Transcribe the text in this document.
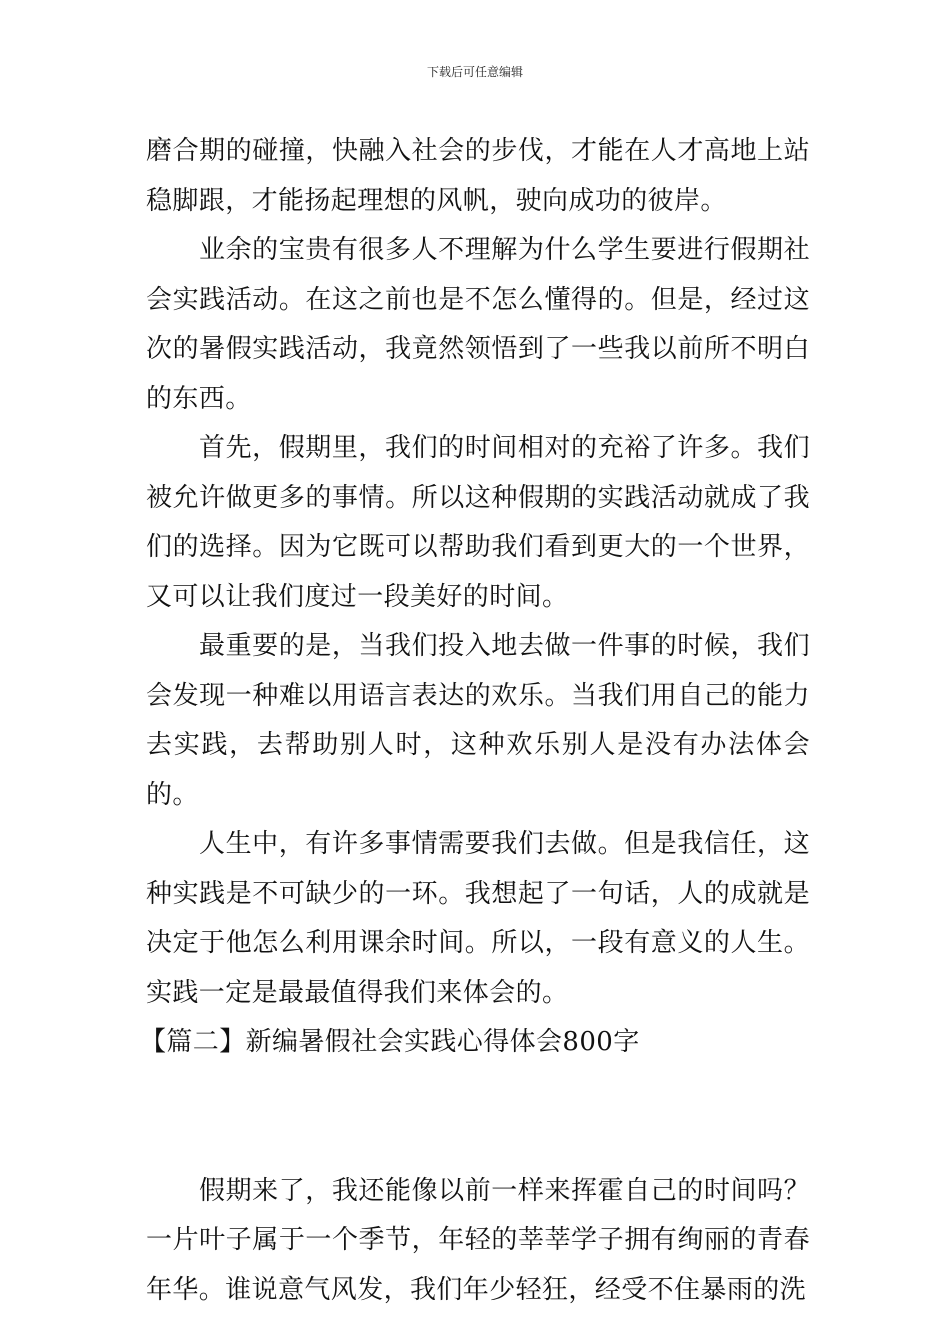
下载后可任意编辑

磨合期的碰撞，快融入社会的步伐，才能在人才高地上站稳脚跟，才能扬起理想的风帆，驶向成功的彼岸。

业余的宝贵有很多人不理解为什么学生要进行假期社会实践活动。在这之前也是不怎么懂得的。但是，经过这次的暑假实践活动，我竟然领悟到了一些我以前所不明白的东西。

首先，假期里，我们的时间相对的充裕了许多。我们被允许做更多的事情。所以这种假期的实践活动就成了我们的选择。因为它既可以帮助我们看到更大的一个世界，又可以让我们度过一段美好的时间。

最重要的是，当我们投入地去做一件事的时候，我们会发现一种难以用语言表达的欢乐。当我们用自己的能力去实践，去帮助别人时，这种欢乐别人是没有办法体会的。

人生中，有许多事情需要我们去做。但是我信任，这种实践是不可缺少的一环。我想起了一句话，人的成就是决定于他怎么利用课余时间。所以，一段有意义的人生。实践一定是最最值得我们来体会的。

【篇二】新编暑假社会实践心得体会800字

假期来了，我还能像以前一样来挥霍自己的时间吗？一片叶子属于一个季节，年轻的莘莘学子拥有绚丽的青春年华。谁说意气风发，我们年少轻狂，经受不住暴雨的洗
